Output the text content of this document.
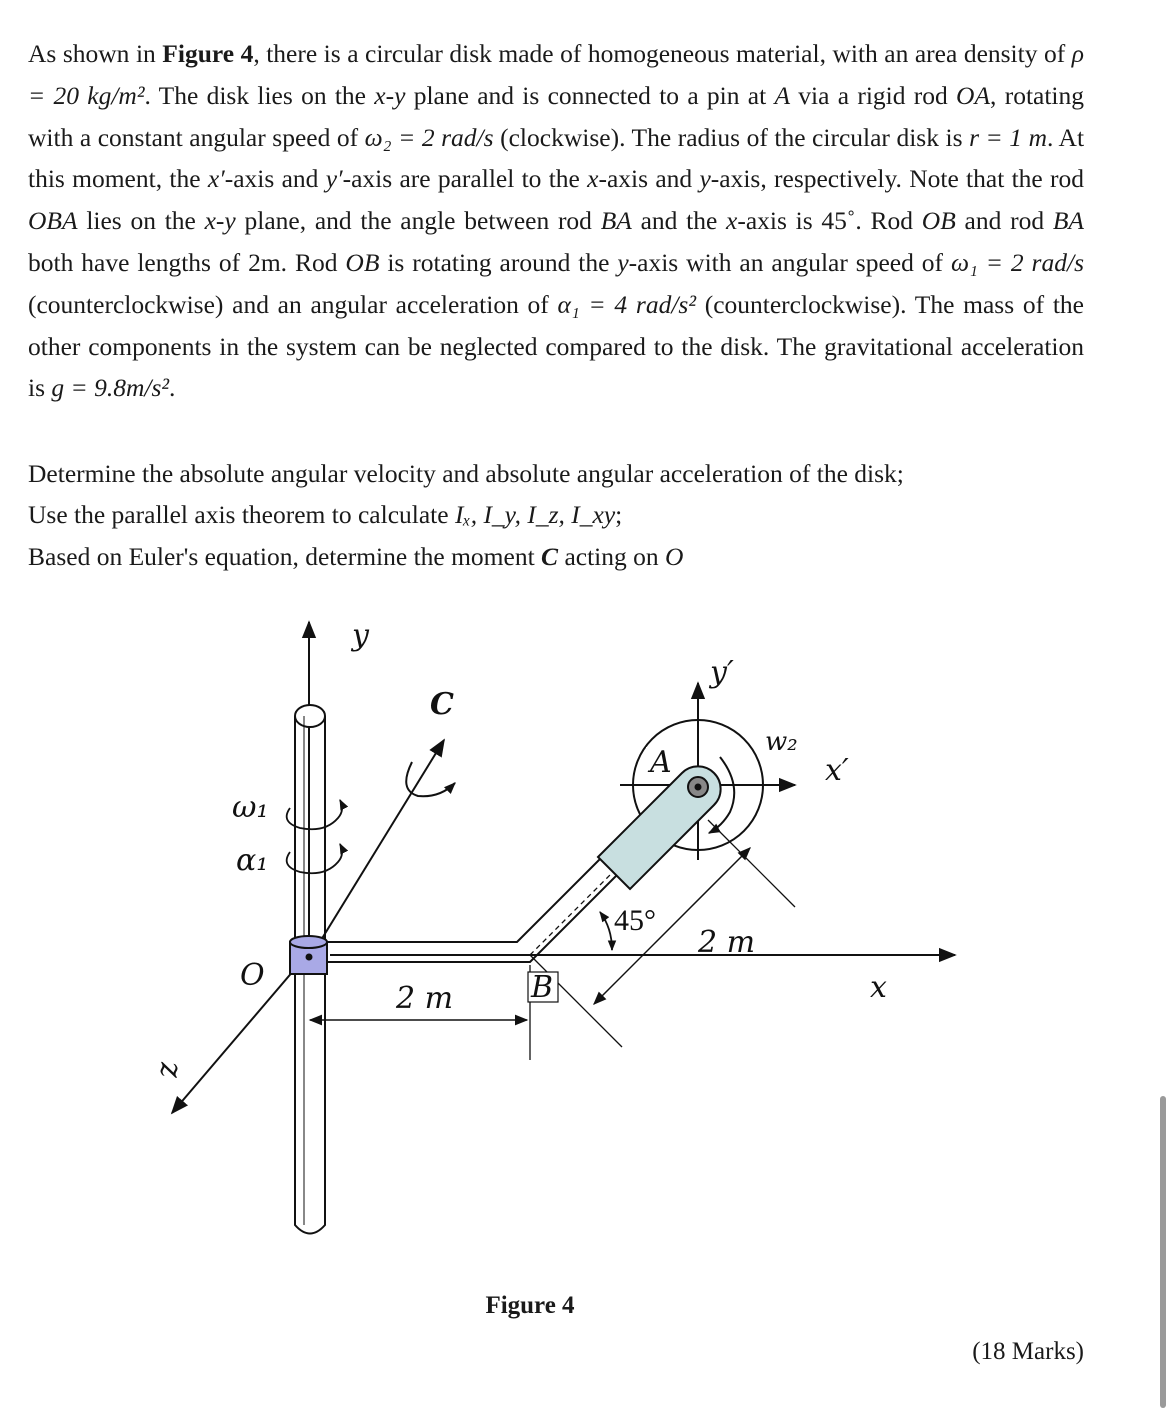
As shown in Figure 4, there is a circular disk made of homogeneous material, with an area density of ρ = 20 kg/m². The disk lies on the x-y plane and is connected to a pin at A via a rigid rod OA, rotating with a constant angular speed of ω₂ = 2 rad/s (clockwise). The radius of the circular disk is r = 1 m. At this moment, the x′-axis and y′-axis are parallel to the x-axis and y-axis, respectively. Note that the rod OBA lies on the x-y plane, and the angle between rod BA and the x-axis is 45˚. Rod OB and rod BA both have lengths of 2m. Rod OB is rotating around the y-axis with an angular speed of ω₁ = 2 rad/s (counterclockwise) and an angular acceleration of α₁ = 4 rad/s² (counterclockwise). The mass of the other components in the system can be neglected compared to the disk. The gravitational acceleration is g = 9.8m/s².
Determine the absolute angular velocity and absolute angular acceleration of the disk;
Use the parallel axis theorem to calculate Iₓ, I_y, I_z, I_xy;
Based on Euler's equation, determine the moment C acting on O
y
y′
C
A
w₂
x′
ω₁
α₁
45°
2 m
O
2 m	B	x
z
Figure 4
(18 Marks)
